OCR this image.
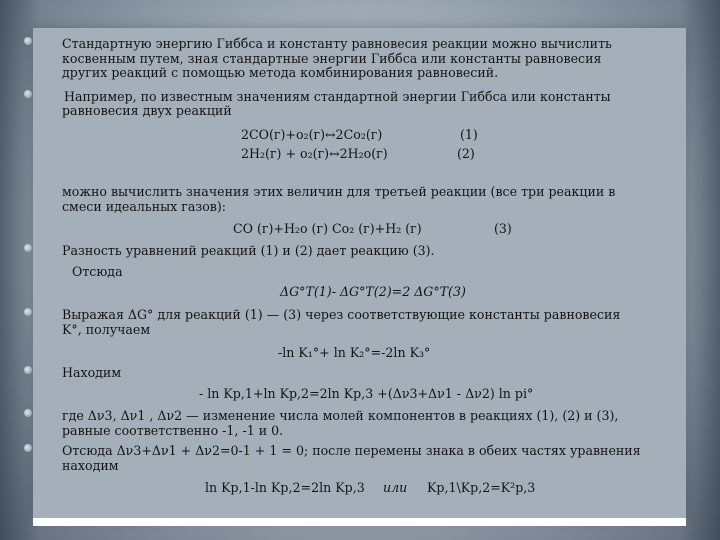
Стандартную энергию Гиббса и константу равновесия реакции можно вычислить
косвенным путем, зная стандартные энергии Гиббса или константы равновесия
других реакций с помощью метода комбинирования равновесий.
Например, по известным значениям стандартной энергии Гиббса или константы
равновесия двух реакций
2СО(г)+о₂(г)↔2Со₂(г)	(1)
2Н₂(г) + о₂(г)↔2Н₂о(г)	(2)
можно вычислить значения этих величин для третьей реакции (все три реакции в
смеси идеальных газов):
СО (г)+Н₂о (г) Со₂ (г)+Н₂ (г)	(3)
Разность уравнений реакций (1) и (2) дает реакцию (3).
Отсюда
ΔG°T(1)- ΔG°T(2)=2 ΔG°T(3)
Выражая ΔG° для реакций (1) — (3) через соответствующие константы равновесия
K°, получаем
-ln K₁°+ ln K₂°=-2ln K₃°
Находим
- ln Kp,1+ln Kp,2=2ln Kp,3 +(Δν3+Δν1 - Δν2) ln pi°
где Δν3, Δν1 , Δν2 — изменение числа молей компонентов в реакциях (1), (2) и (3),
равные соответственно -1, -1 и 0.
Отсюда Δν3+Δν1 + Δν2=0-1 + 1 = 0; после перемены знака в обеих частях уравнения
находим
ln Kp,1-ln Kp,2=2ln Kp,3 или Kp,1\Kp,2=K²p,3
